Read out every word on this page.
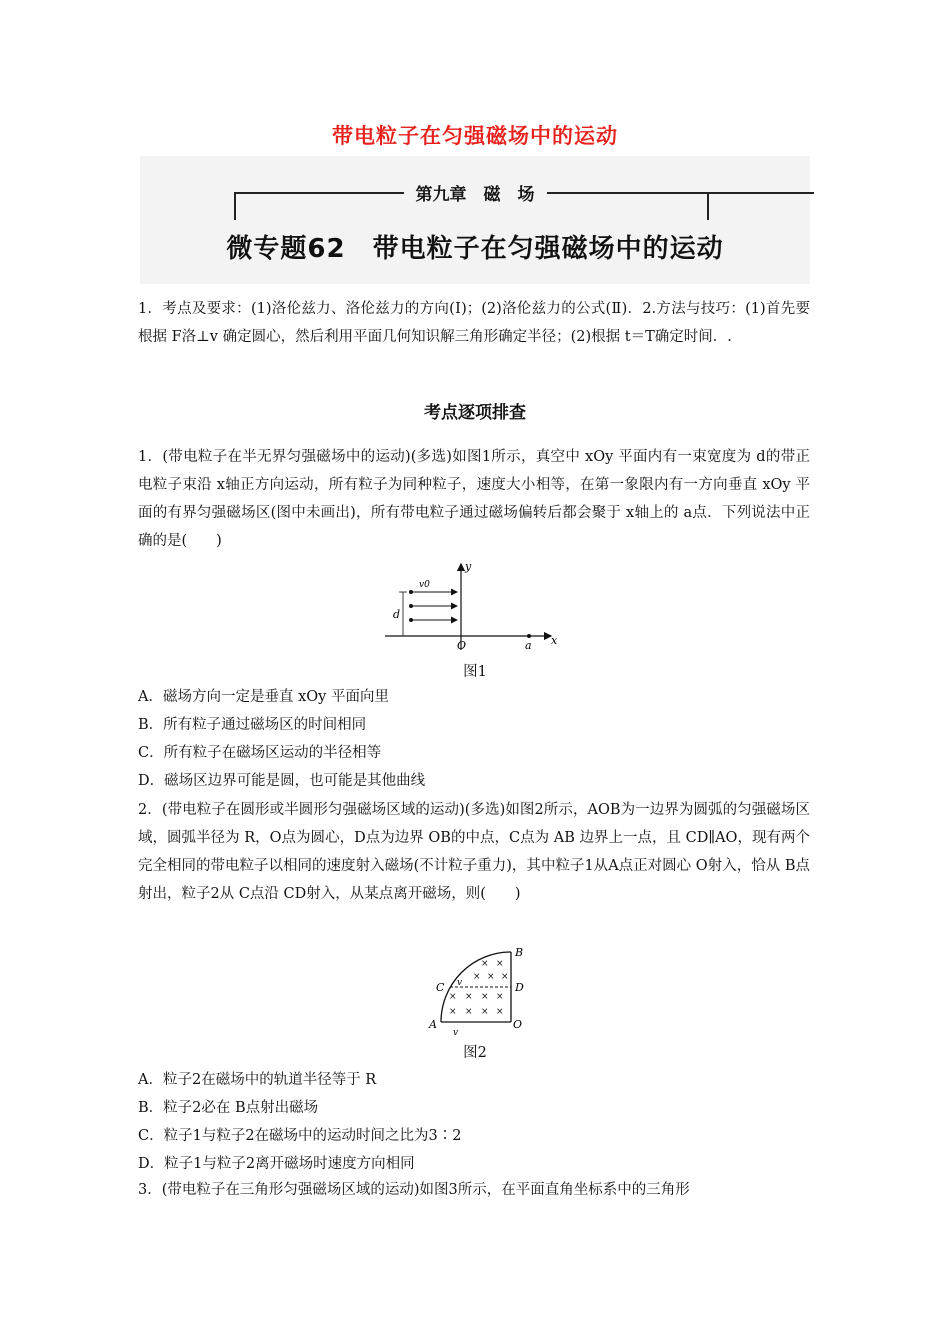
带电粒子在匀强磁场中的运动
第九章　磁　场
微专题62　带电粒子在匀强磁场中的运动

1．考点及要求：(1)洛伦兹力、洛伦兹力的方向(Ⅰ)；(2)洛伦兹力的公式(Ⅱ)．2.方法与技巧：(1)首先要根据 F洛⊥v 确定圆心，然后利用平面几何知识解三角形确定半径；(2)根据 t＝T确定时间．.

考点逐项排查

1．(带电粒子在半无界匀强磁场中的运动)(多选)如图1所示，真空中 xOy 平面内有一束宽度为 d的带正电粒子束沿 x轴正方向运动，所有粒子为同种粒子，速度大小相等，在第一象限内有一方向垂直 xOy 平面的有界匀强磁场区(图中未画出)，所有带电粒子通过磁场偏转后都会聚于 x轴上的 a点．下列说法中正确的是(　　)

y
x
O	a
v0
d
图1
A．磁场方向一定是垂直 xOy 平面向里
B．所有粒子通过磁场区的时间相同
C．所有粒子在磁场区运动的半径相等
D．磁场区边界可能是圆，也可能是其他曲线

2．(带电粒子在圆形或半圆形匀强磁场区域的运动)(多选)如图2所示，AOB为一边界为圆弧的匀强磁场区域，圆弧半径为 R，O点为圆心，D点为边界 OB的中点，C点为 AB 边界上一点，且 CD∥AO，现有两个完全相同的带电粒子以相同的速度射入磁场(不计粒子重力)，其中粒子1从A点正对圆心 O射入，恰从 B点射出，粒子2从 C点沿 CD射入，从某点离开磁场，则(　　)

× ×
× × ×
× × × ×
× × × ×
B
C	D
A	O
v
v
图2
A．粒子2在磁场中的轨道半径等于 R
B．粒子2必在 B点射出磁场
C．粒子1与粒子2在磁场中的运动时间之比为3∶2
D．粒子1与粒子2离开磁场时速度方向相同

3．(带电粒子在三角形匀强磁场区域的运动)如图3所示，在平面直角坐标系中的三角形
